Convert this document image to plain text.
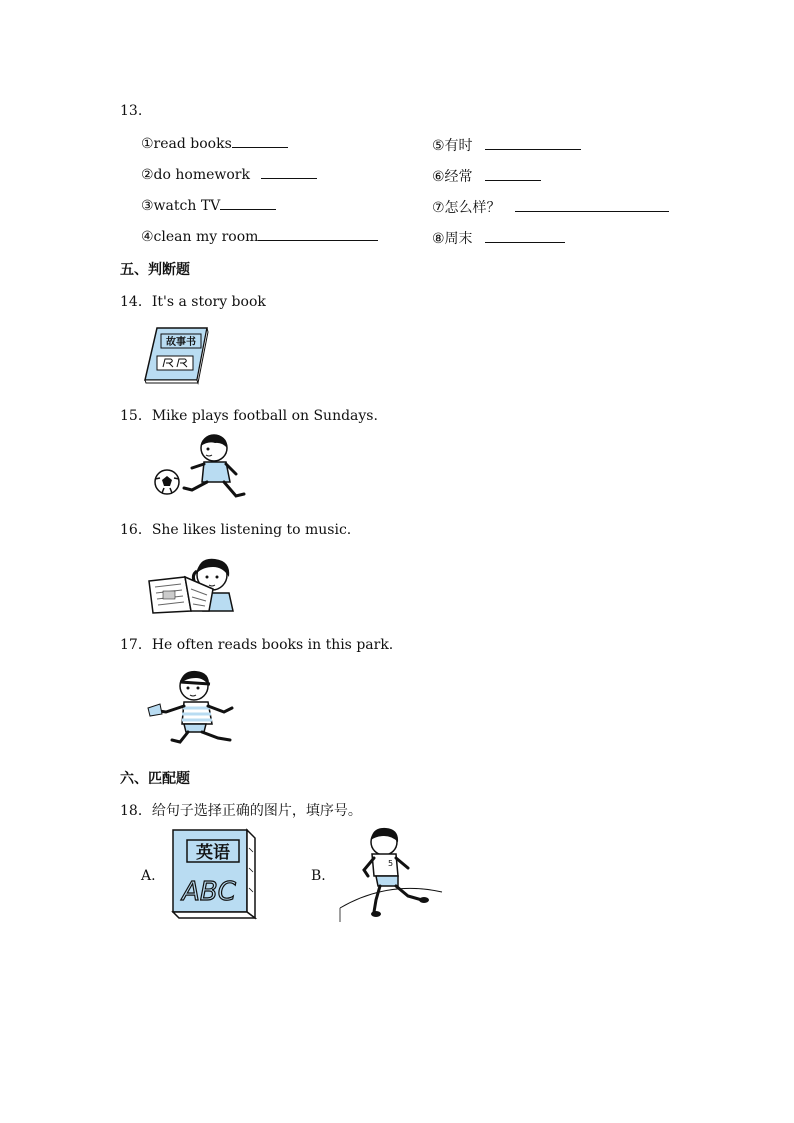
13.
①read books
②do homework
③watch TV
④clean my room
⑤有时
⑥经常
⑦怎么样？
⑧周末
五、判断题
14．It's a story book
故事书
15．Mike plays football on Sundays.
16．She likes listening to music.
17．He often reads books in this park.
六、匹配题
18．给句子选择正确的图片，填序号。
A.
英语
ABC
B.
5
